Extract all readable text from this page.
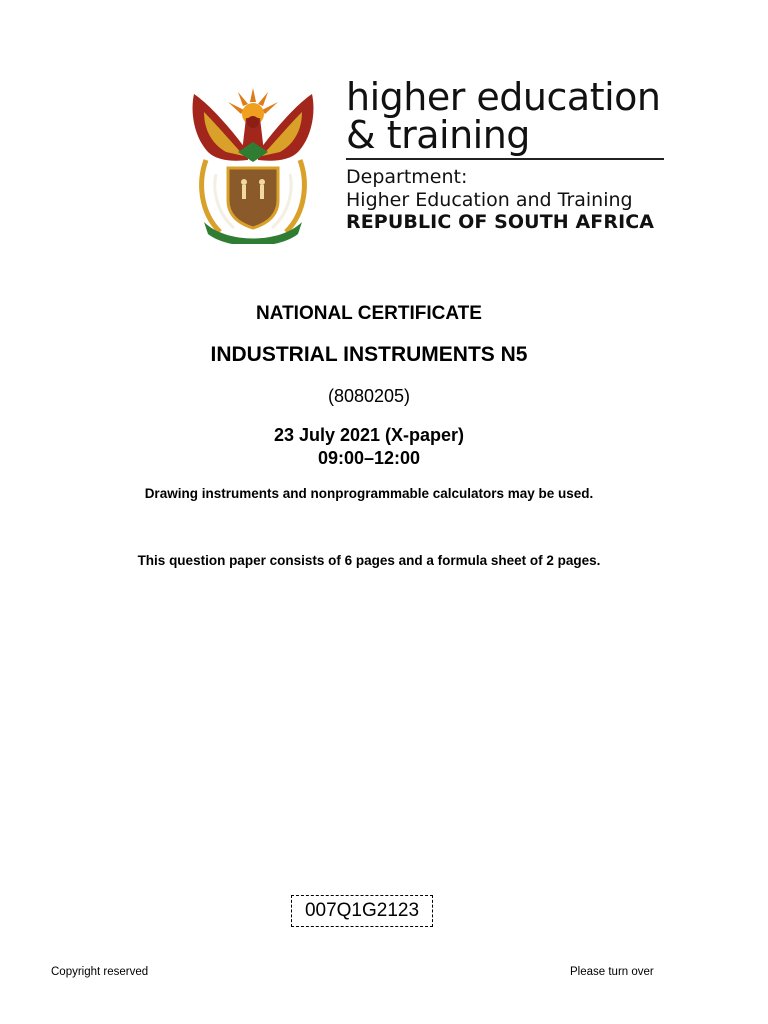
higher education
& training
Department:
Higher Education and Training
REPUBLIC OF SOUTH AFRICA
NATIONAL CERTIFICATE
INDUSTRIAL INSTRUMENTS N5
(8080205)
23 July 2021 (X-paper)
09:00–12:00
Drawing instruments and nonprogrammable calculators may be used.
This question paper consists of 6 pages and a formula sheet of 2 pages.
007Q1G2123
Copyright reserved	Please turn over
